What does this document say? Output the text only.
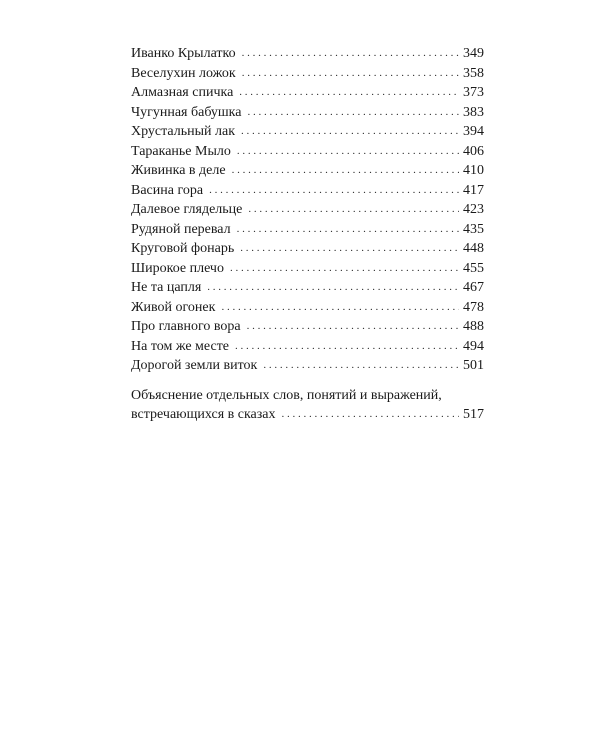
Иванко Крылатко . . .	349
Веселухин ложок . . .	358
Алмазная спичка . . .	373
Чугунная бабушка . . .	383
Хрустальный лак . . .	394
Тараканье Мыло . . .	406
Живинка в деле . . .	410
Васина гора . . .	417
Далевое глядельце . . .	423
Рудяной перевал . . .	435
Круговой фонарь . . .	448
Широкое плечо . . .	455
Не та цапля . . .	467
Живой огонек . . .	478
Про главного вора . . .	488
На том же месте . . .	494
Дорогой земли виток . . .	501
Объяснение отдельных слов, понятий и выражений,
встречающихся в сказах . . .	517
